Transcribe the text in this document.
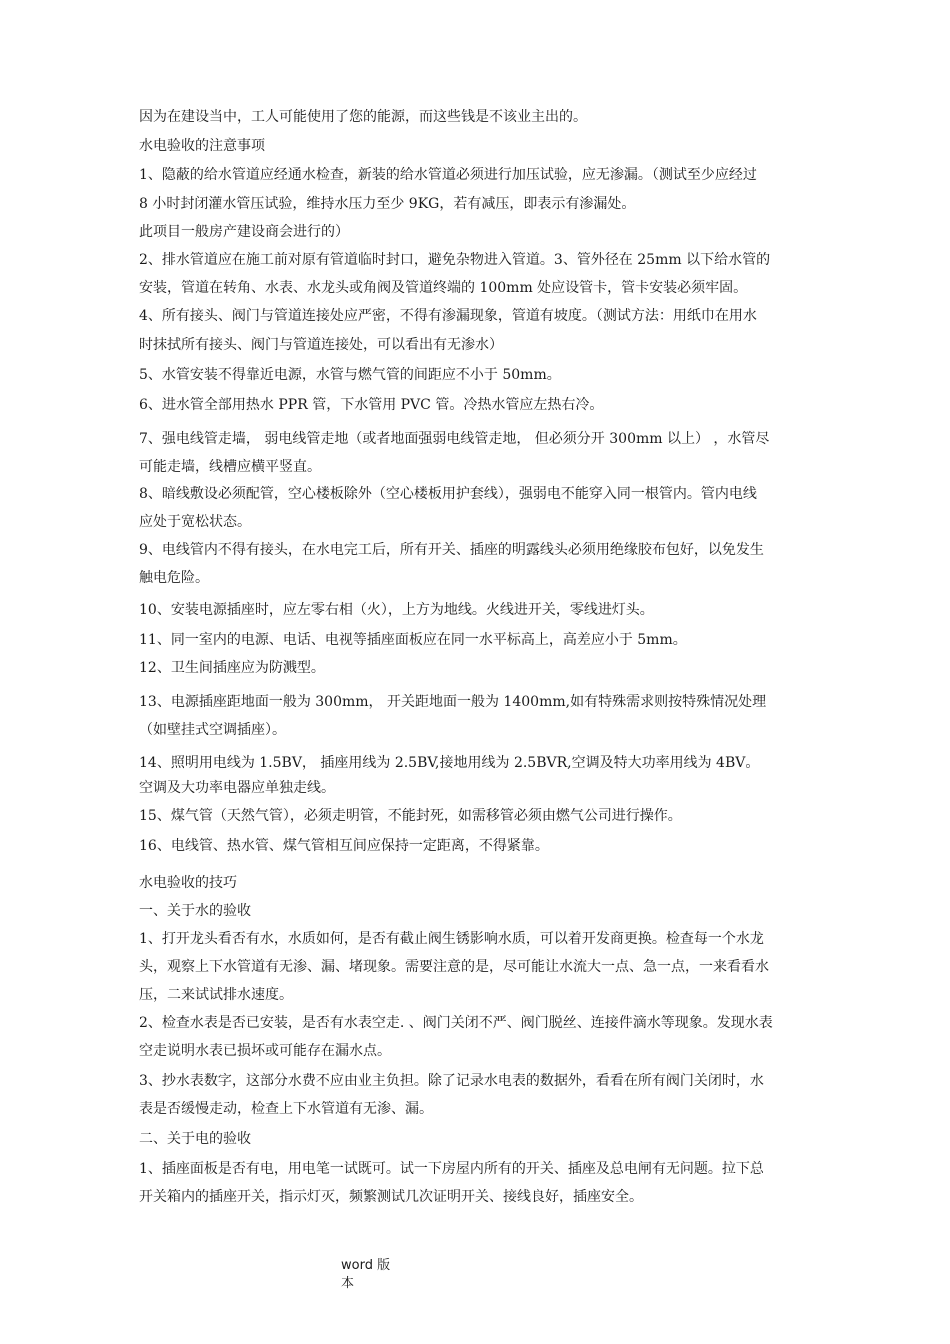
因为在建设当中，工人可能使用了您的能源，而这些钱是不该业主出的。
水电验收的注意事项
1、隐蔽的给水管道应经通水检查，新装的给水管道必须进行加压试验，应无渗漏。（测试至少应经过
8 小时封闭灌水管压试验，维持水压力至少 9KG，若有减压，即表示有渗漏处。
此项目一般房产建设商会进行的）
2、排水管道应在施工前对原有管道临时封口，避免杂物进入管道。3、管外径在 25mm 以下给水管的
安装，管道在转角、水表、水龙头或角阀及管道终端的 100mm 处应设管卡，管卡安装必须牢固。
4、所有接头、阀门与管道连接处应严密，不得有渗漏现象，管道有坡度。（测试方法：用纸巾在用水
时抹拭所有接头、阀门与管道连接处，可以看出有无渗水）
5、水管安装不得靠近电源，水管与燃气管的间距应不小于 50mm。
6、进水管全部用热水 PPR 管，下水管用 PVC 管。冷热水管应左热右冷。
7、强电线管走墙， 弱电线管走地（或者地面强弱电线管走地， 但必须分开 300mm 以上） ，水管尽
可能走墙，线槽应横平竖直。
8、暗线敷设必须配管，空心楼板除外（空心楼板用护套线），强弱电不能穿入同一根管内。管内电线
应处于宽松状态。
9、电线管内不得有接头，在水电完工后，所有开关、插座的明露线头必须用绝缘胶布包好，以免发生
触电危险。
10、安装电源插座时，应左零右相（火），上方为地线。火线进开关，零线进灯头。
11、同一室内的电源、电话、电视等插座面板应在同一水平标高上，高差应小于 5mm。
12、卫生间插座应为防溅型。
13、电源插座距地面一般为 300mm， 开关距地面一般为 1400mm,如有特殊需求则按特殊情况处理
（如壁挂式空调插座）。
14、照明用电线为 1.5BV， 插座用线为 2.5BV,接地用线为 2.5BVR,空调及特大功率用线为 4BV。
空调及大功率电器应单独走线。
15、煤气管（天然气管），必须走明管，不能封死，如需移管必须由燃气公司进行操作。
16、电线管、热水管、煤气管相互间应保持一定距离，不得紧靠。
水电验收的技巧
一、关于水的验收
1、打开龙头看否有水，水质如何，是否有截止阀生锈影响水质，可以着开发商更换。检查每一个水龙
头，观察上下水管道有无渗、漏、堵现象。需要注意的是，尽可能让水流大一点、急一点，一来看看水
压，二来试试排水速度。
2、检查水表是否已安装，是否有水表空走. 、阀门关闭不严、阀门脱丝、连接件滴水等现象。发现水表
空走说明水表已损坏或可能存在漏水点。
3、抄水表数字，这部分水费不应由业主负担。除了记录水电表的数据外，看看在所有阀门关闭时，水
表是否缓慢走动，检查上下水管道有无渗、漏。
二、关于电的验收
1、插座面板是否有电，用电笔一试既可。试一下房屋内所有的开关、插座及总电闸有无问题。拉下总
开关箱内的插座开关，指示灯灭，频繁测试几次证明开关、接线良好，插座安全。
word 版
本
